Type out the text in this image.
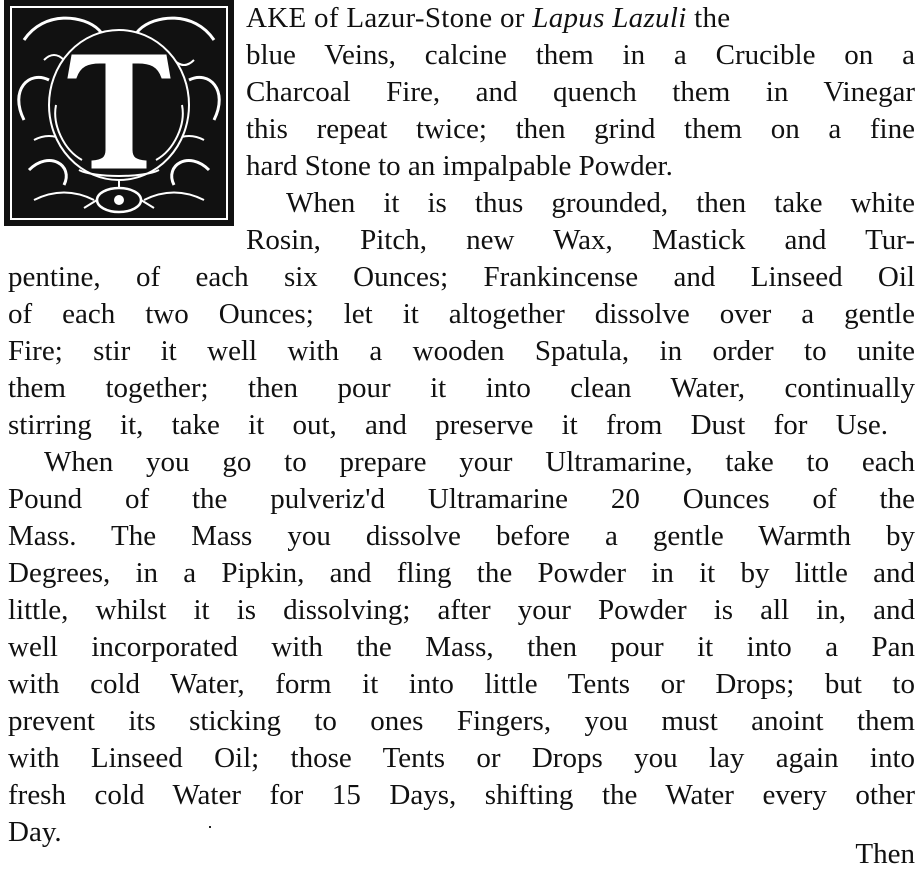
AKE of Lazur-Stone or Lapus Lazuli the
blue Veins, calcine them in a Crucible on a
Charcoal Fire, and quench them in Vinegar
this repeat twice; then grind them on a fine
hard Stone to an impalpable Powder.
When it is thus grounded, then take white
Rosin, Pitch, new Wax, Mastick and Tur-
pentine, of each six Ounces; Frankincense and Linseed Oil
of each two Ounces; let it altogether dissolve over a gentle
Fire; stir it well with a wooden Spatula, in order to unite
them together; then pour it into clean Water, continually
stirring it, take it out, and preserve it from Dust for Use.
When you go to prepare your Ultramarine, take to each
Pound of the pulveriz'd Ultramarine 20 Ounces of the
Mass. The Mass you dissolve before a gentle Warmth by
Degrees, in a Pipkin, and fling the Powder in it by little and
little, whilst it is dissolving; after your Powder is all in, and
well incorporated with the Mass, then pour it into a Pan
with cold Water, form it into little Tents or Drops; but to
prevent its sticking to ones Fingers, you must anoint them
with Linseed Oil; those Tents or Drops you lay again into
fresh cold Water for 15 Days, shifting the Water every other
Day.
Then
